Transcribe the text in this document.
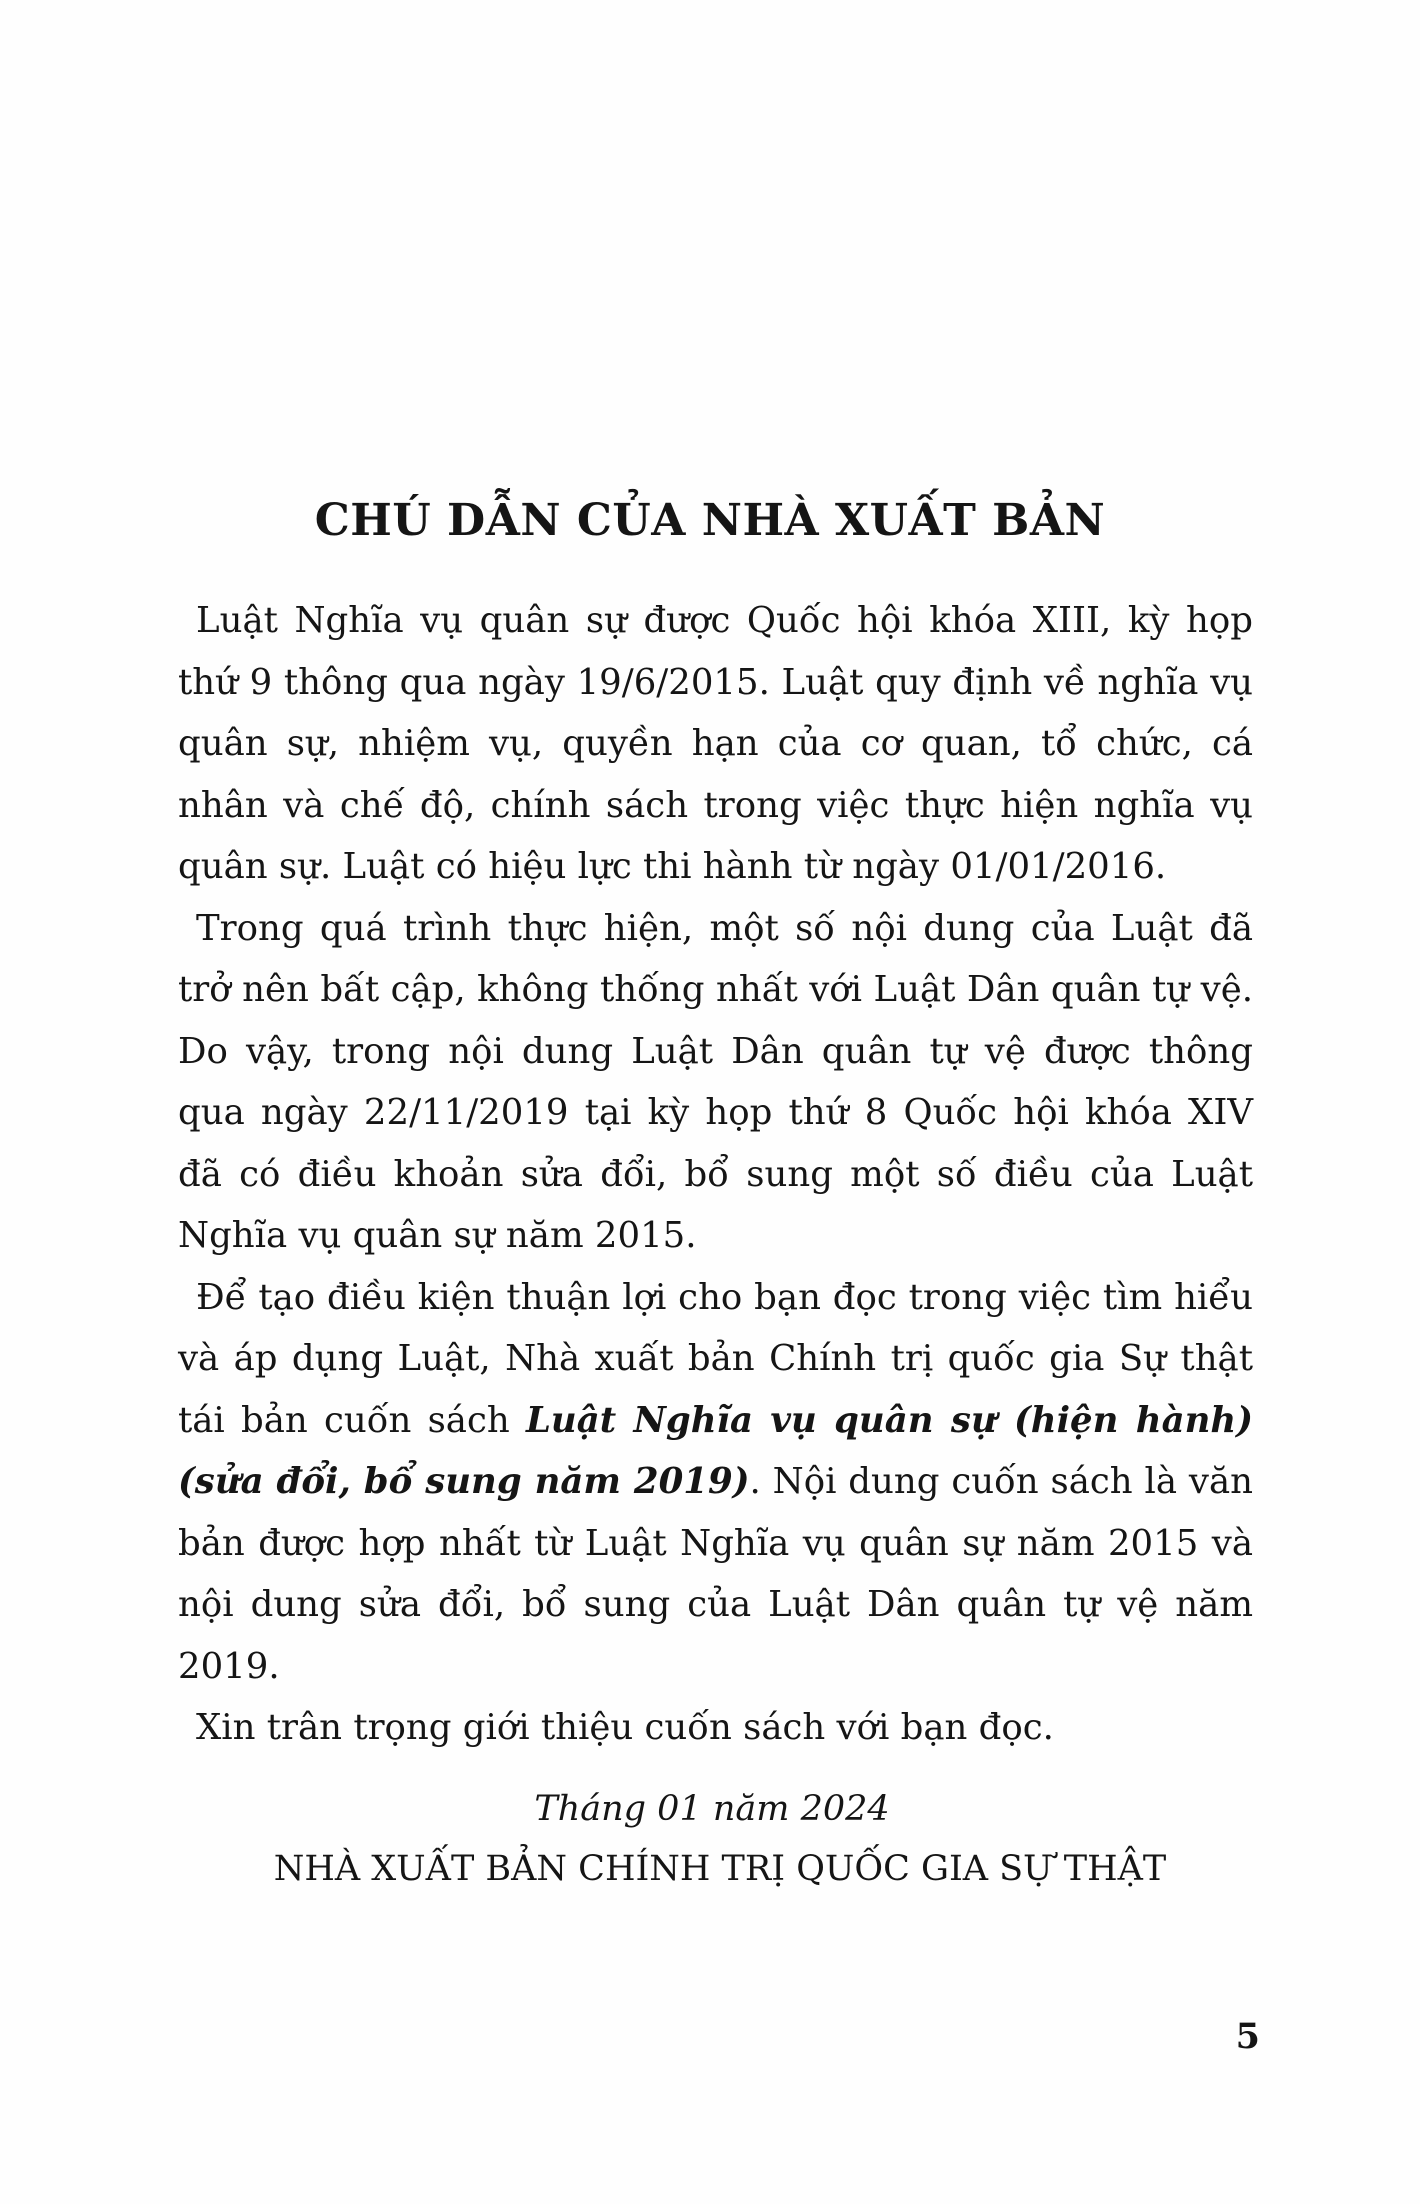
CHÚ DẪN CỦA NHÀ XUẤT BẢN

Luật Nghĩa vụ quân sự được Quốc hội khóa XIII, kỳ họp thứ 9 thông qua ngày 19/6/2015. Luật quy định về nghĩa vụ quân sự, nhiệm vụ, quyền hạn của cơ quan, tổ chức, cá nhân và chế độ, chính sách trong việc thực hiện nghĩa vụ quân sự. Luật có hiệu lực thi hành từ ngày 01/01/2016.

Trong quá trình thực hiện, một số nội dung của Luật đã trở nên bất cập, không thống nhất với Luật Dân quân tự vệ. Do vậy, trong nội dung Luật Dân quân tự vệ được thông qua ngày 22/11/2019 tại kỳ họp thứ 8 Quốc hội khóa XIV đã có điều khoản sửa đổi, bổ sung một số điều của Luật Nghĩa vụ quân sự năm 2015.

Để tạo điều kiện thuận lợi cho bạn đọc trong việc tìm hiểu và áp dụng Luật, Nhà xuất bản Chính trị quốc gia Sự thật tái bản cuốn sách Luật Nghĩa vụ quân sự (hiện hành) (sửa đổi, bổ sung năm 2019). Nội dung cuốn sách là văn bản được hợp nhất từ Luật Nghĩa vụ quân sự năm 2015 và nội dung sửa đổi, bổ sung của Luật Dân quân tự vệ năm 2019.

Xin trân trọng giới thiệu cuốn sách với bạn đọc.

Tháng 01 năm 2024
NHÀ XUẤT BẢN CHÍNH TRỊ QUỐC GIA SỰ THẬT
5
